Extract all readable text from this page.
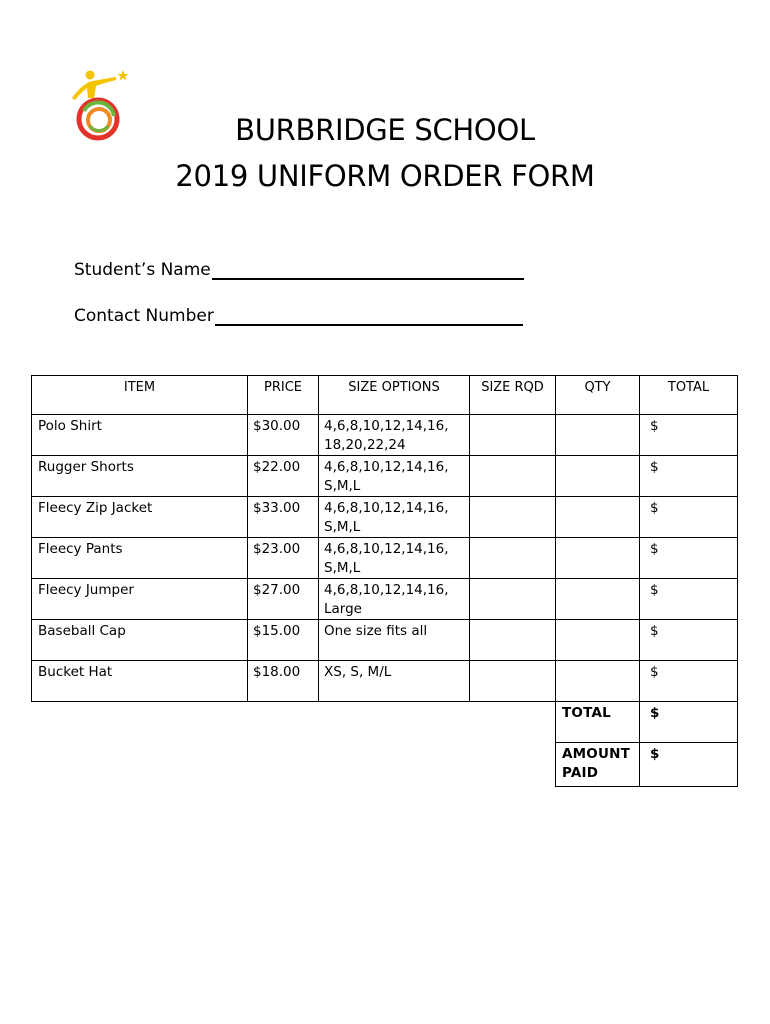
BURBRIDGE SCHOOL
2019 UNIFORM ORDER FORM
Student’s Name
Contact Number
ITEM	PRICE	SIZE OPTIONS	SIZE RQD	QTY	TOTAL
Polo Shirt	$30.00	4,6,8,10,12,14,16, 18,20,22,24			$
Rugger Shorts	$22.00	4,6,8,10,12,14,16, S,M,L			$
Fleecy Zip Jacket	$33.00	4,6,8,10,12,14,16, S,M,L			$
Fleecy Pants	$23.00	4,6,8,10,12,14,16, S,M,L			$
Fleecy Jumper	$27.00	4,6,8,10,12,14,16, Large			$
Baseball Cap	$15.00	One size fits all			$
Bucket Hat	$18.00	XS, S, M/L			$
				TOTAL	$
				AMOUNT PAID	$
